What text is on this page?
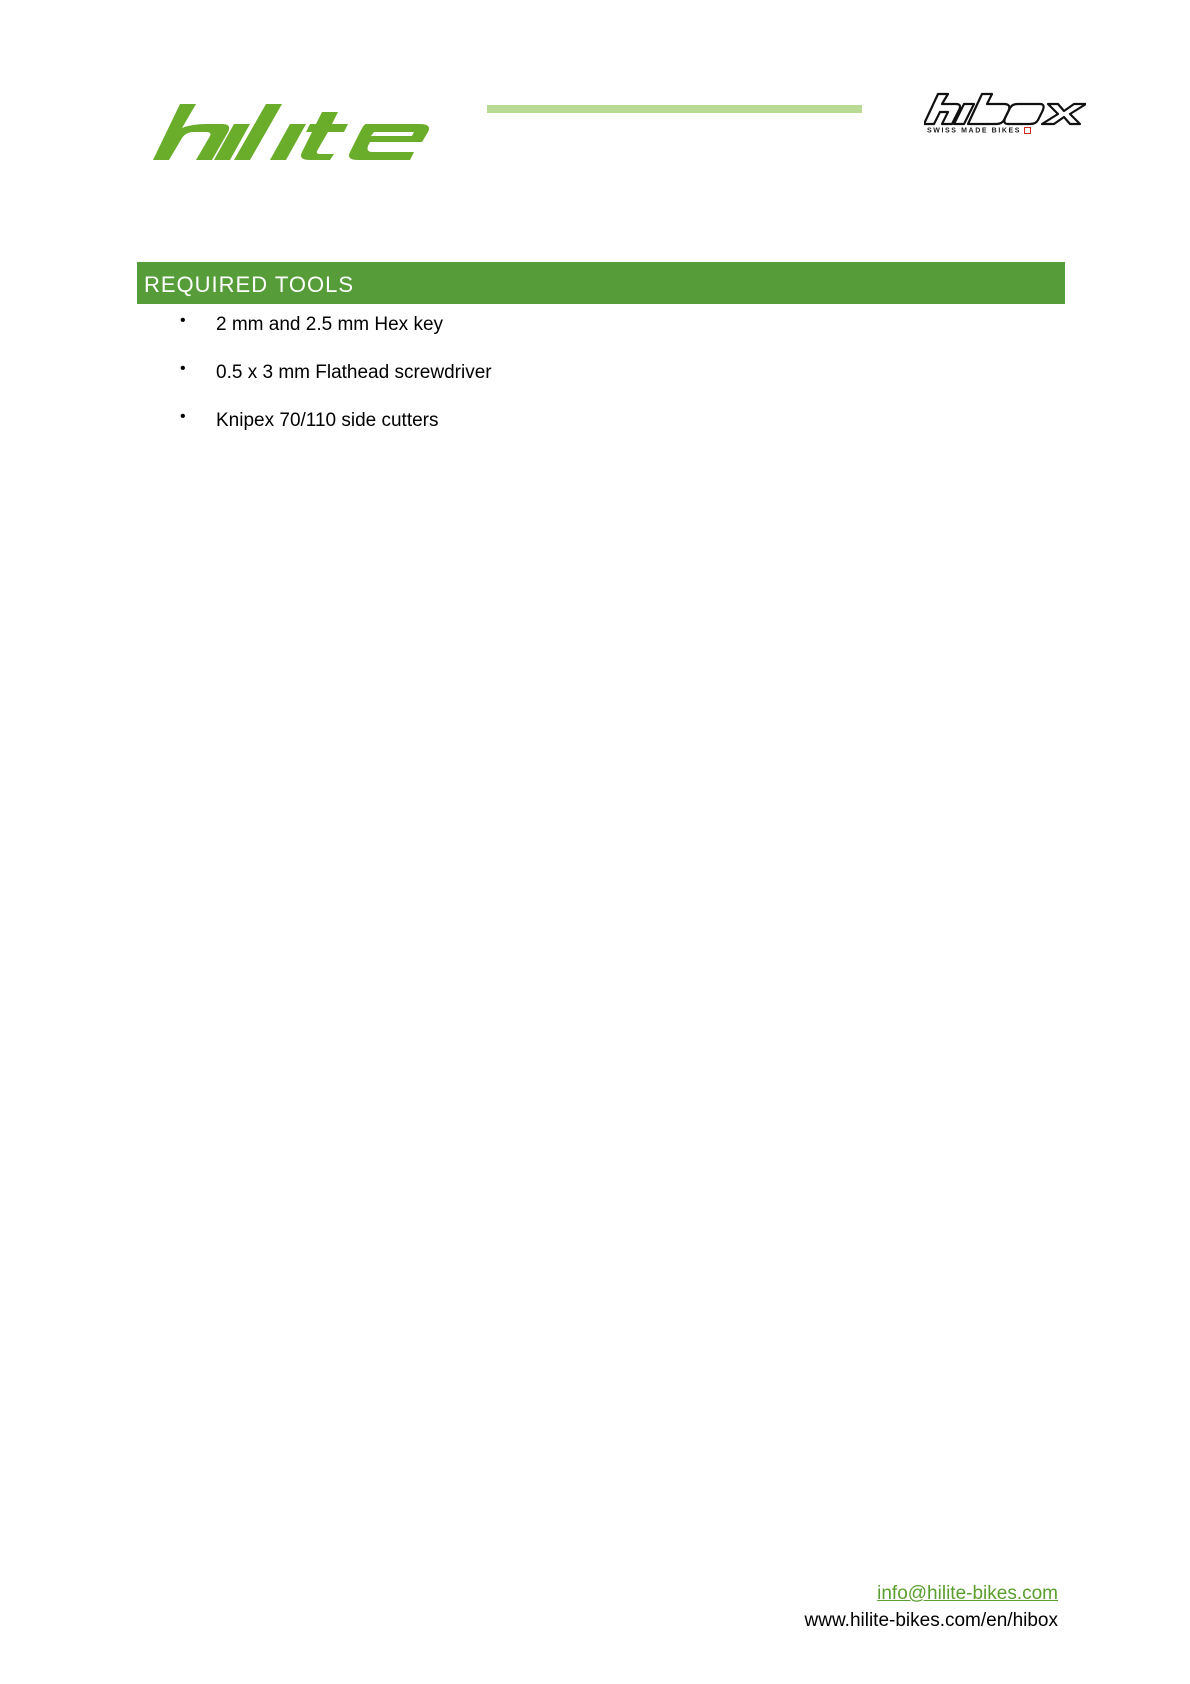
SWISS MADE BIKES
REQUIRED TOOLS
• 2 mm and 2.5 mm Hex key
• 0.5 x 3 mm Flathead screwdriver
• Knipex 70/110 side cutters
info@hilite-bikes.com
www.hilite-bikes.com/en/hibox
